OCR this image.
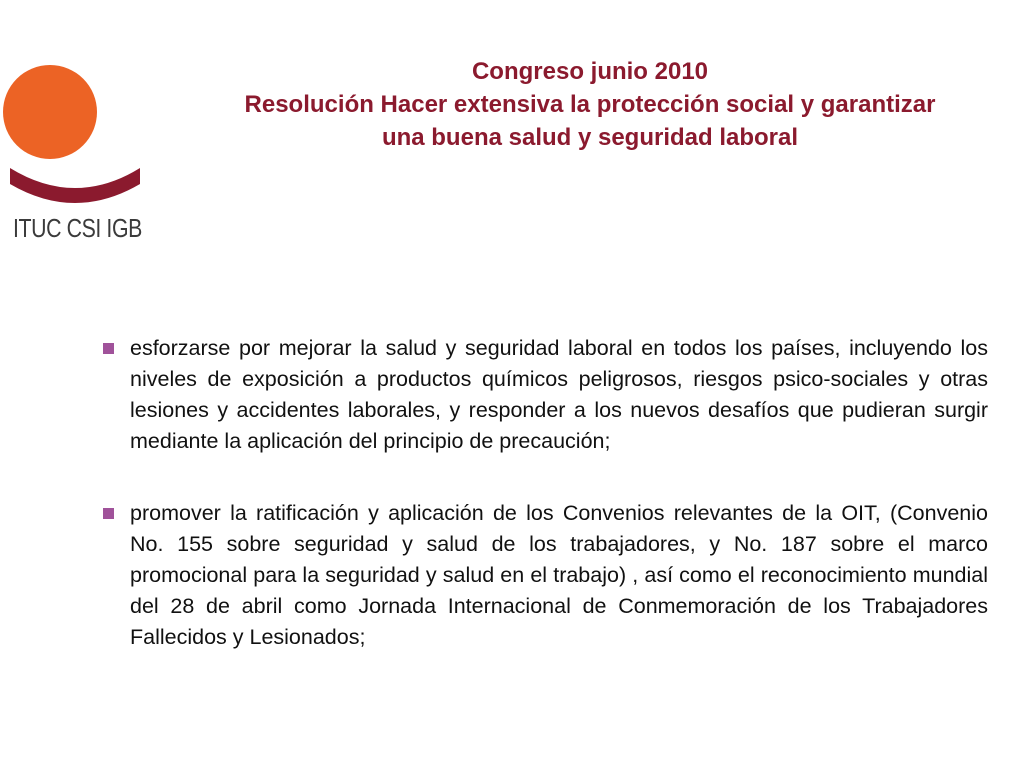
ITUC CSI IGB
Congreso junio 2010
Resolución Hacer extensiva la protección social y garantizar
una buena salud y seguridad laboral
esforzarse por mejorar la salud y seguridad laboral en todos los países, incluyendo los niveles de exposición a productos químicos peligrosos, riesgos psico-sociales y otras lesiones y accidentes laborales, y responder a los nuevos desafíos que pudieran surgir mediante la aplicación del principio de precaución;
promover la ratificación y aplicación de los Convenios relevantes de la OIT, (Convenio No. 155 sobre seguridad y salud de los trabajadores, y No. 187 sobre el marco promocional para la seguridad y salud en el trabajo) , así como el reconocimiento mundial del 28 de abril como Jornada Internacional de Conmemoración de los Trabajadores Fallecidos y Lesionados;
